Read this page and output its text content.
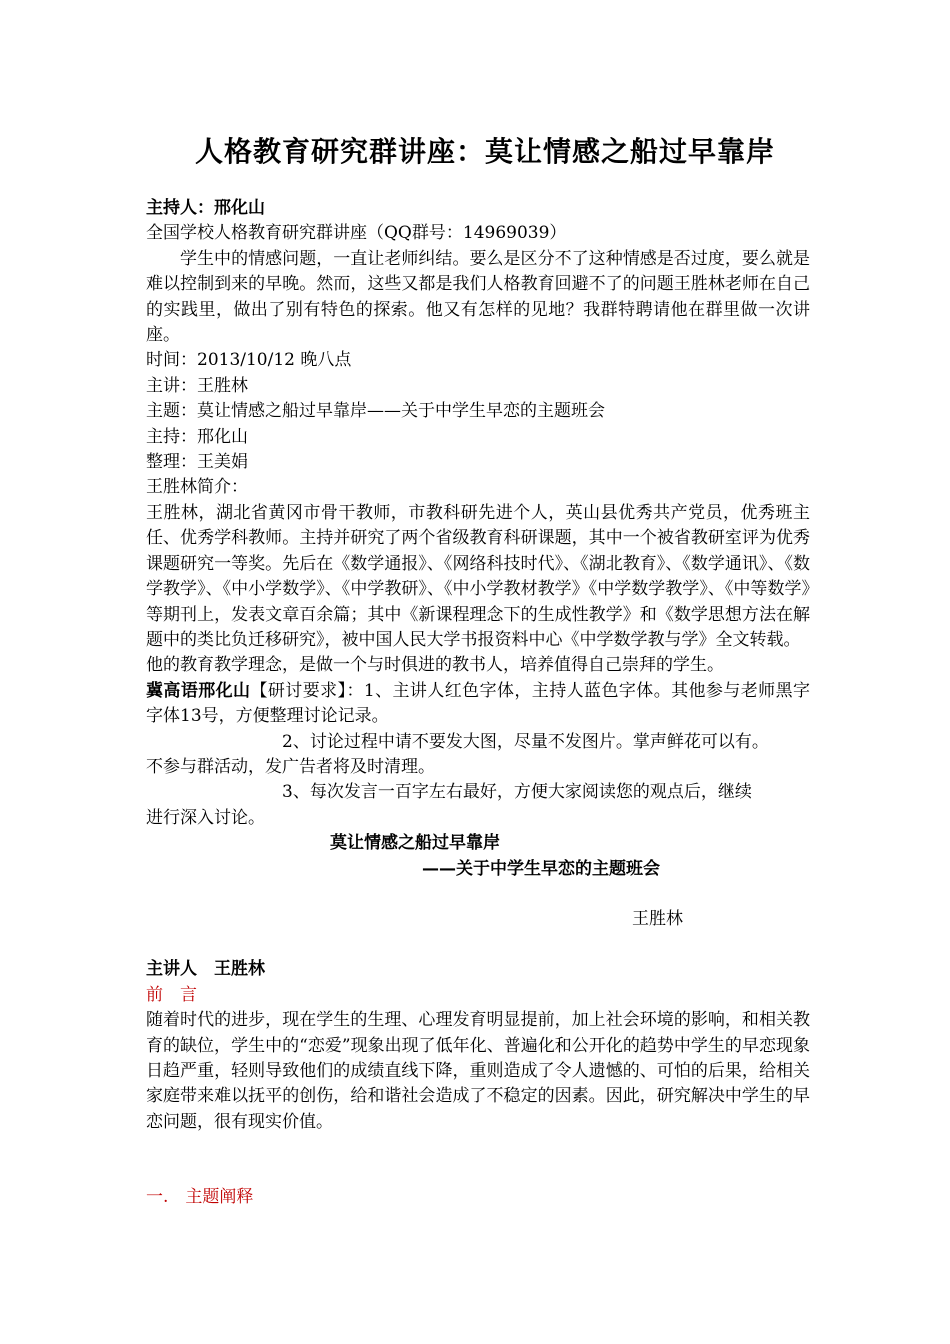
人格教育研究群讲座：莫让情感之船过早靠岸
主持人：邢化山
全国学校人格教育研究群讲座（QQ群号：14969039）
学生中的情感问题，一直让老师纠结。要么是区分不了这种情感是否过度，要么就是难以控制到来的早晚。然而，这些又都是我们人格教育回避不了的问题王胜林老师在自己的实践里，做出了别有特色的探索。他又有怎样的见地？我群特聘请他在群里做一次讲座。
时间：2013/10/12 晚八点
主讲：王胜林
主题：莫让情感之船过早靠岸——关于中学生早恋的主题班会
主持：邢化山
整理：王美娟
王胜林简介：
王胜林，湖北省黄冈市骨干教师，市教科研先进个人，英山县优秀共产党员，优秀班主任、优秀学科教师。主持并研究了两个省级教育科研课题，其中一个被省教研室评为优秀课题研究一等奖。先后在《数学通报》、《网络科技时代》、《湖北教育》、《数学通讯》、《数学教学》、《中小学数学》、《中学教研》、《中小学教材教学》《中学数学教学》、《中等数学》等期刊上，发表文章百余篇；其中《新课程理念下的生成性教学》和《数学思想方法在解题中的类比负迁移研究》，被中国人民大学书报资料中心《中学数学教与学》全文转载。
他的教育教学理念，是做一个与时俱进的教书人，培养值得自己崇拜的学生。
冀高语邢化山【研讨要求】：1、主讲人红色字体，主持人蓝色字体。其他参与老师黑字字体13号，方便整理讨论记录。
2、讨论过程中请不要发大图，尽量不发图片。掌声鲜花可以有。
不参与群活动，发广告者将及时清理。
3、每次发言一百字左右最好，方便大家阅读您的观点后，继续
进行深入讨论。
莫让情感之船过早靠岸
——关于中学生早恋的主题班会
王胜林
主讲人　王胜林
前　言
随着时代的进步，现在学生的生理、心理发育明显提前，加上社会环境的影响，和相关教育的缺位，学生中的“恋爱”现象出现了低年化、普遍化和公开化的趋势中学生的早恋现象日趋严重，轻则导致他们的成绩直线下降，重则造成了令人遗憾的、可怕的后果，给相关家庭带来难以抚平的创伤，给和谐社会造成了不稳定的因素。因此，研究解决中学生的早恋问题，很有现实价值。
一.　主题阐释
